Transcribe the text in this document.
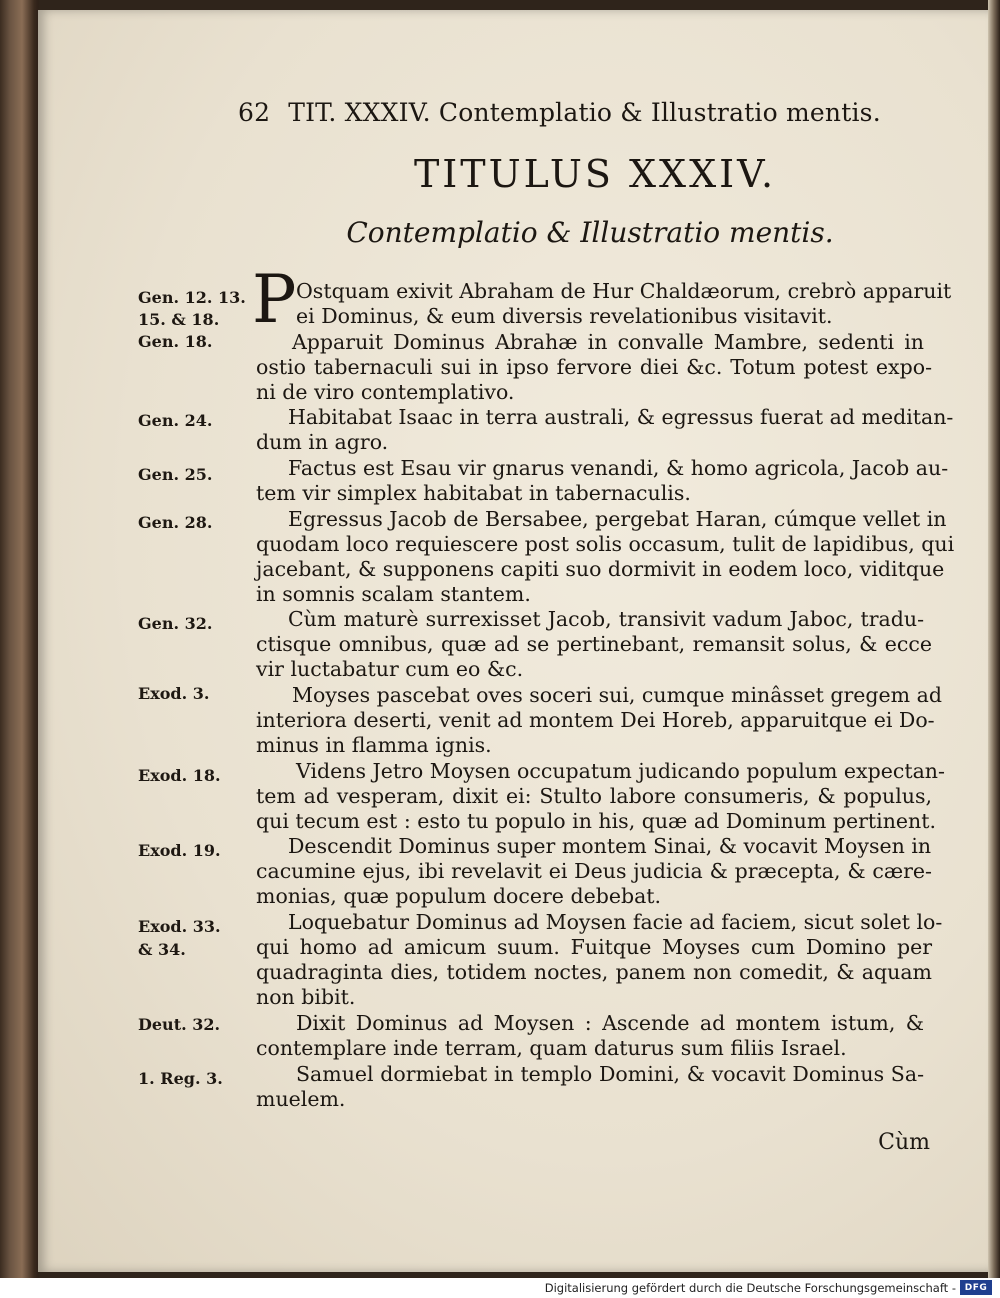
62 TIT. XXXIV. Contemplatio & Illustratio mentis.
TITULUS XXXIV.
Contemplatio & Illustratio mentis.
Gen. 12. 13.
15. & 18.
Gen. 18.
Gen. 24.
Gen. 25.
Gen. 28.
Gen. 32.
Exod. 3.
Exod. 18.
Exod. 19.
Exod. 33.
& 34.
Deut. 32.
1. Reg. 3.
P Ostquam exivit Abraham de Hur Chaldæorum, crebrò apparuit
ei Dominus, & eum diversis revelationibus visitavit.
Apparuit Dominus Abrahæ in convalle Mambre, sedenti in
ostio tabernaculi sui in ipso fervore diei &c. Totum potest expo-
ni de viro contemplativo.
Habitabat Isaac in terra australi, & egressus fuerat ad meditan-
dum in agro.
Factus est Esau vir gnarus venandi, & homo agricola, Jacob au-
tem vir simplex habitabat in tabernaculis.
Egressus Jacob de Bersabee, pergebat Haran, cúmque vellet in
quodam loco requiescere post solis occasum, tulit de lapidibus, qui
jacebant, & supponens capiti suo dormivit in eodem loco, viditque
in somnis scalam stantem.
Cùm maturè surrexisset Jacob, transivit vadum Jaboc, tradu-
ctisque omnibus, quæ ad se pertinebant, remansit solus, & ecce
vir luctabatur cum eo &c.
Moyses pascebat oves soceri sui, cumque minâsset gregem ad
interiora deserti, venit ad montem Dei Horeb, apparuitque ei Do-
minus in flamma ignis.
Videns Jetro Moysen occupatum judicando populum expectan-
tem ad vesperam, dixit ei: Stulto labore consumeris, & populus,
qui tecum est : esto tu populo in his, quæ ad Dominum pertinent.
Descendit Dominus super montem Sinai, & vocavit Moysen in
cacumine ejus, ibi revelavit ei Deus judicia & præcepta, & cære-
monias, quæ populum docere debebat.
Loquebatur Dominus ad Moysen facie ad faciem, sicut solet lo-
qui homo ad amicum suum. Fuitque Moyses cum Domino per
quadraginta dies, totidem noctes, panem non comedit, & aquam
non bibit.
Dixit Dominus ad Moysen : Ascende ad montem istum, &
contemplare inde terram, quam daturus sum filiis Israel.
Samuel dormiebat in templo Domini, & vocavit Dominus Sa-
muelem.
Cùm
Digitalisierung gefördert durch die Deutsche Forschungsgemeinschaft - DFG
